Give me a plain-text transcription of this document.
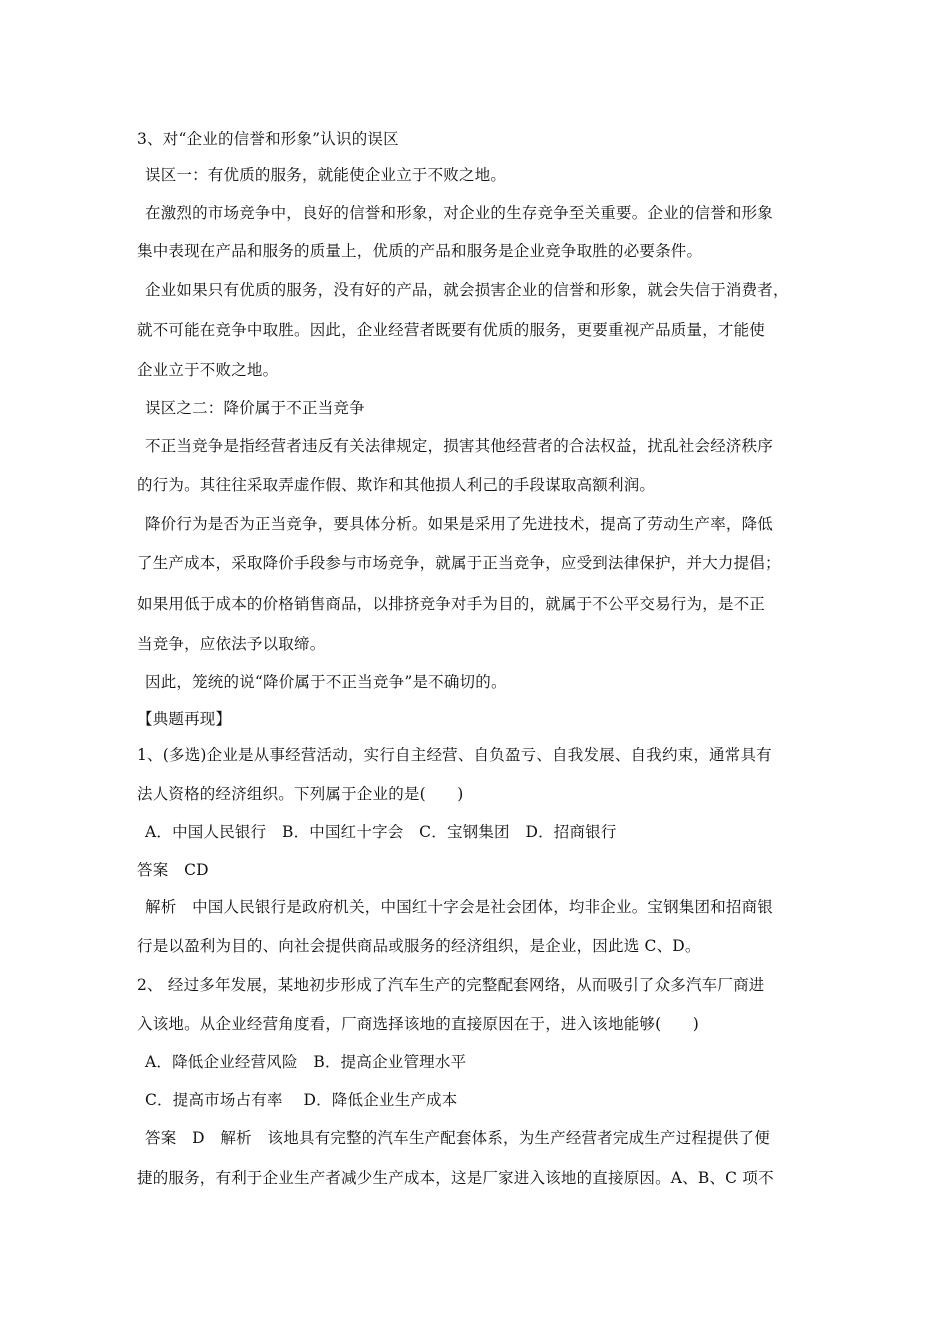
3、对“企业的信誉和形象”认识的误区
误区一：有优质的服务，就能使企业立于不败之地。
在激烈的市场竞争中，良好的信誉和形象，对企业的生存竞争至关重要。企业的信誉和形象
集中表现在产品和服务的质量上，优质的产品和服务是企业竞争取胜的必要条件。
企业如果只有优质的服务，没有好的产品，就会损害企业的信誉和形象，就会失信于消费者，
就不可能在竞争中取胜。因此，企业经营者既要有优质的服务，更要重视产品质量，才能使
企业立于不败之地。
误区之二：降价属于不正当竞争
不正当竞争是指经营者违反有关法律规定，损害其他经营者的合法权益，扰乱社会经济秩序
的行为。其往往采取弄虚作假、欺诈和其他损人利己的手段谋取高额利润。
降价行为是否为正当竞争，要具体分析。如果是采用了先进技术，提高了劳动生产率，降低
了生产成本，采取降价手段参与市场竞争，就属于正当竞争，应受到法律保护，并大力提倡；
如果用低于成本的价格销售商品，以排挤竞争对手为目的，就属于不公平交易行为，是不正
当竞争，应依法予以取缔。
因此，笼统的说“降价属于不正当竞争”是不确切的。
【典题再现】
1、(多选)企业是从事经营活动，实行自主经营、自负盈亏、自我发展、自我约束，通常具有
法人资格的经济组织。下列属于企业的是(　　)
A．中国人民银行　B．中国红十字会　C．宝钢集团　D．招商银行
答案　CD
解析　中国人民银行是政府机关，中国红十字会是社会团体，均非企业。宝钢集团和招商银
行是以盈利为目的、向社会提供商品或服务的经济组织，是企业，因此选 C、D。
2、 经过多年发展，某地初步形成了汽车生产的完整配套网络，从而吸引了众多汽车厂商进
入该地。从企业经营角度看，厂商选择该地的直接原因在于，进入该地能够(　　)
A．降低企业经营风险　B．提高企业管理水平
C．提高市场占有率　 D．降低企业生产成本
答案　D　解析　该地具有完整的汽车生产配套体系，为生产经营者完成生产过程提供了便
捷的服务，有利于企业生产者减少生产成本，这是厂家进入该地的直接原因。A、B、C 项不
